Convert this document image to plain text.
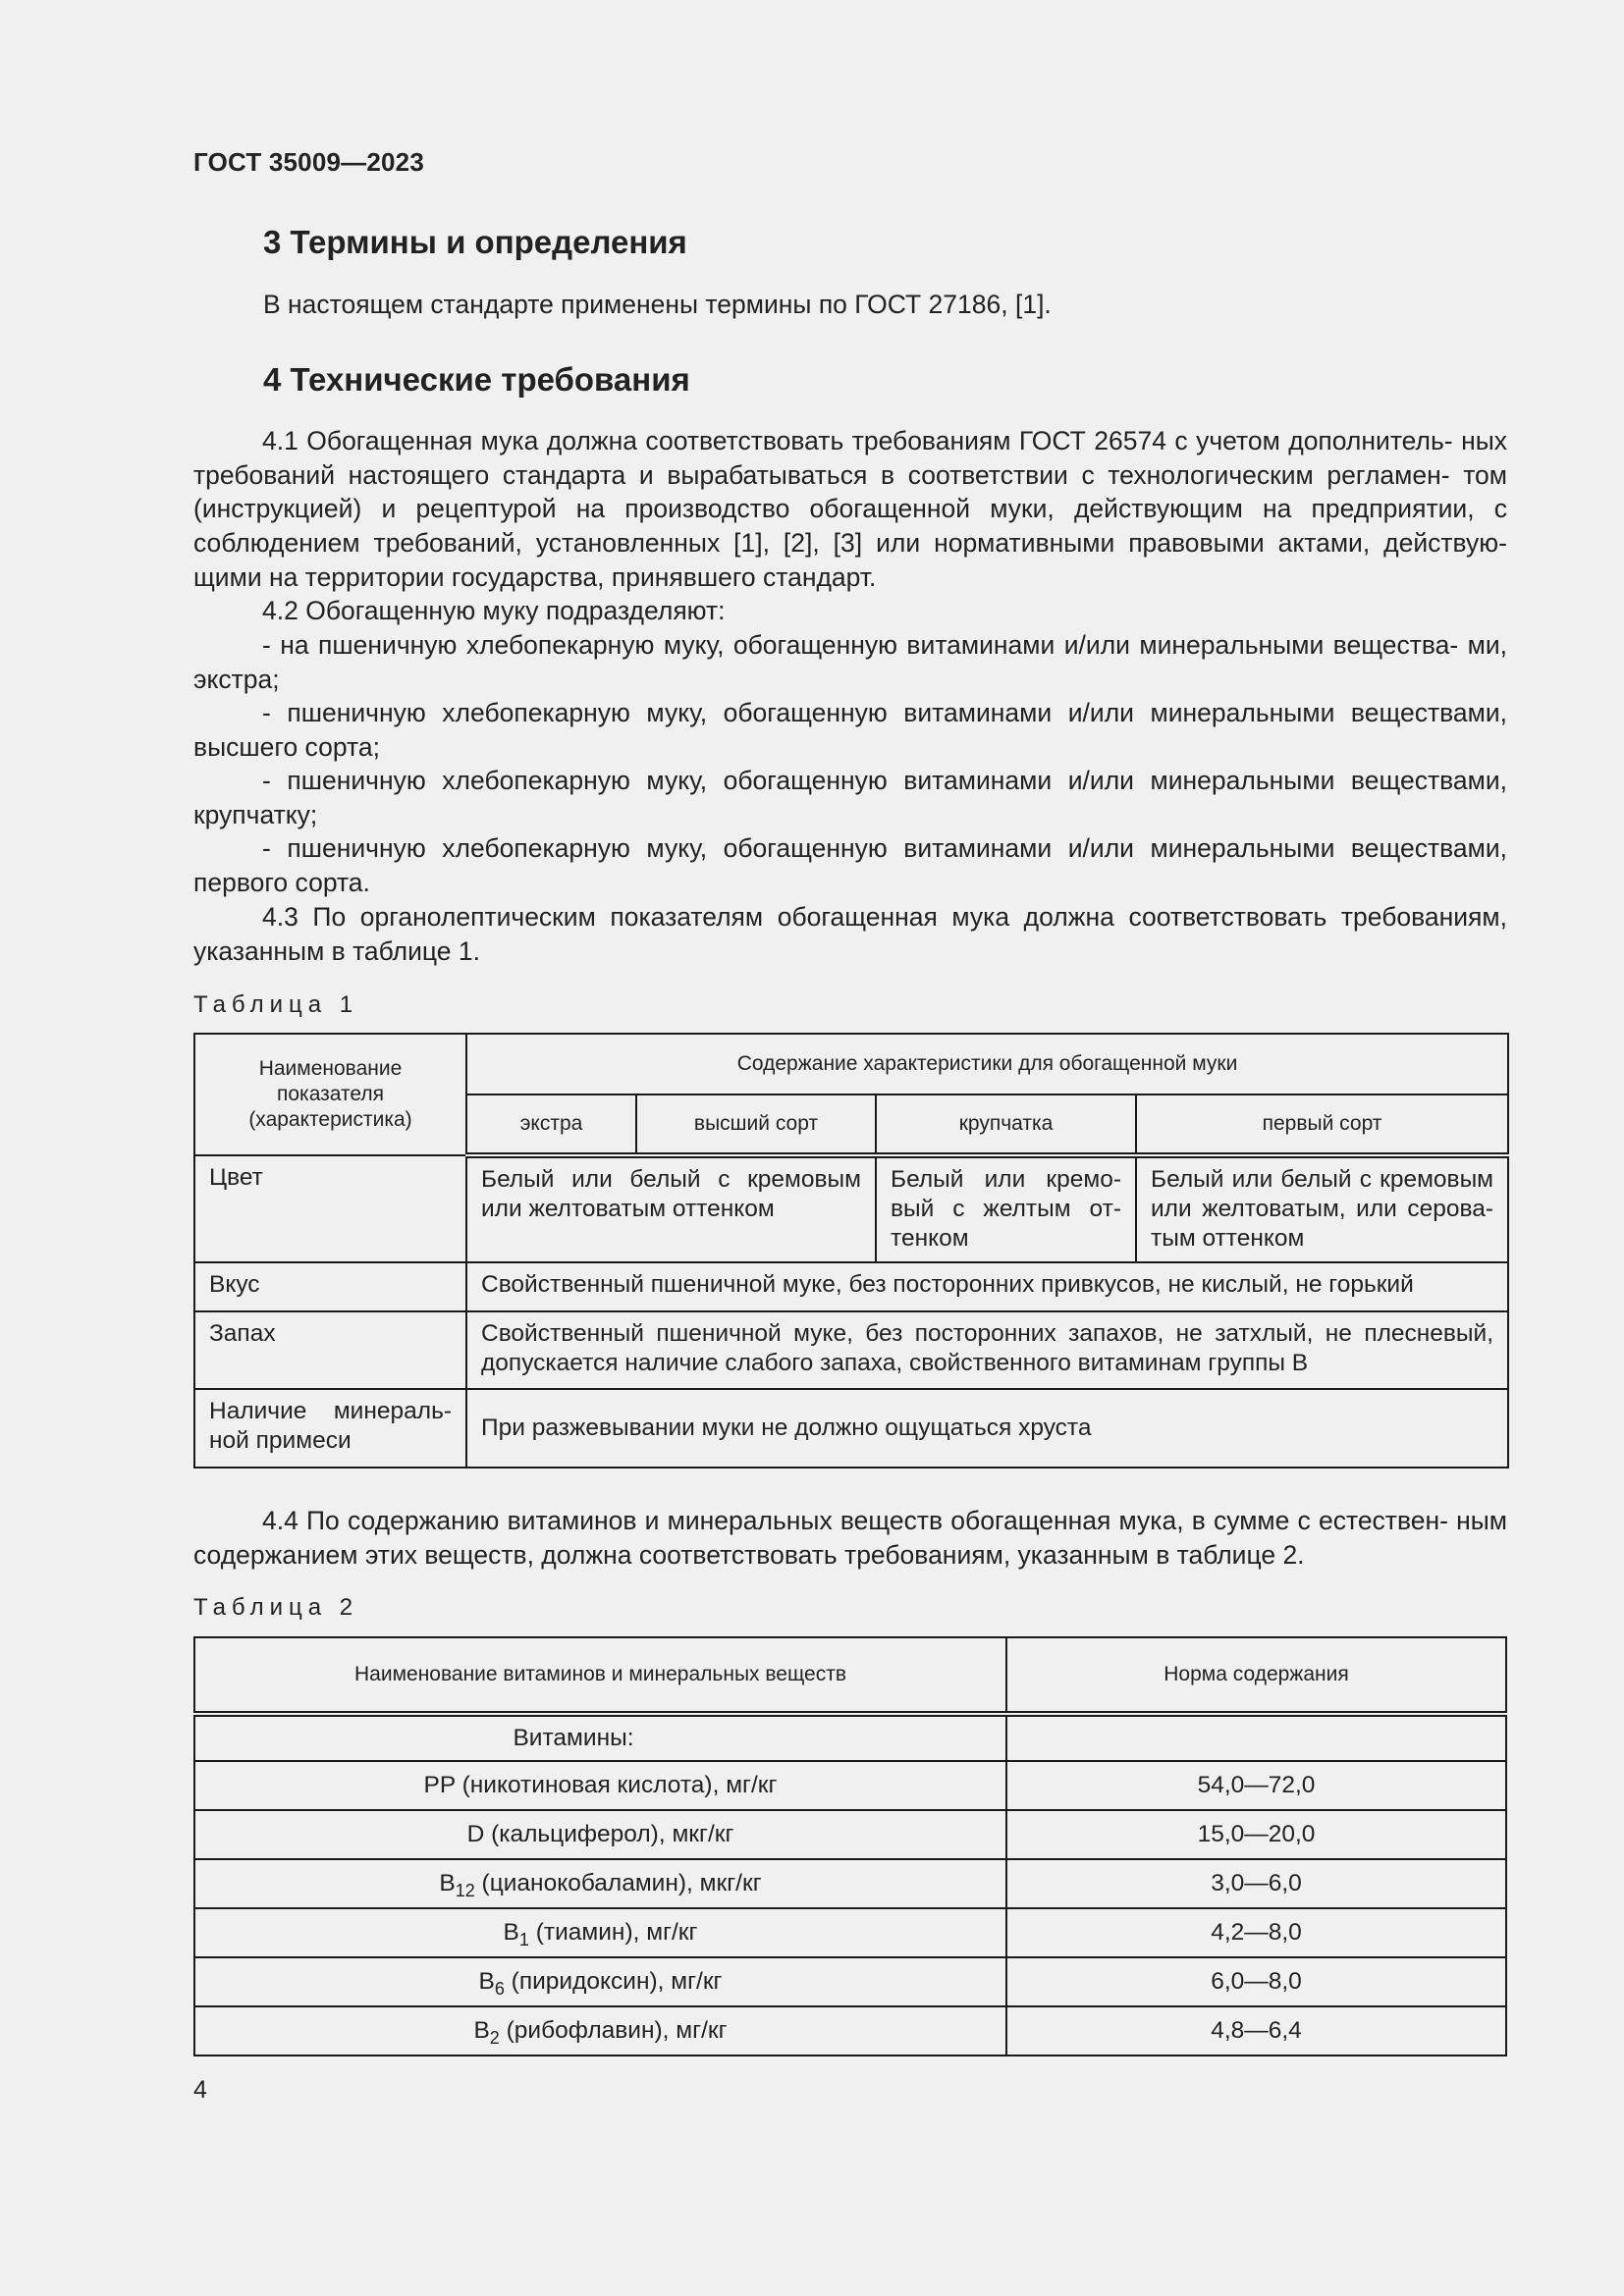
ГОСТ 35009—2023
3 Термины и определения
В настоящем стандарте применены термины по ГОСТ 27186, [1].
4 Технические требования
4.1 Обогащенная мука должна соответствовать требованиям ГОСТ 26574 с учетом дополнитель- ных требований настоящего стандарта и вырабатываться в соответствии с технологическим регламен- том (инструкцией) и рецептурой на производство обогащенной муки, действующим на предприятии, с соблюдением требований, установленных [1], [2], [3] или нормативными правовыми актами, действую- щими на территории государства, принявшего стандарт.
4.2 Обогащенную муку подразделяют:
- на пшеничную хлебопекарную муку, обогащенную витаминами и/или минеральными вещества- ми, экстра;
- пшеничную хлебопекарную муку, обогащенную витаминами и/или минеральными веществами, высшего сорта;
- пшеничную хлебопекарную муку, обогащенную витаминами и/или минеральными веществами, крупчатку;
- пшеничную хлебопекарную муку, обогащенную витаминами и/или минеральными веществами, первого сорта.
4.3 По органолептическим показателям обогащенная мука должна соответствовать требованиям, указанным в таблице 1.
Таблица 1
Наименование показателя (характеристика)	Содержание характеристики для обогащенной муки			
	экстра	высший сорт	крупчатка	первый сорт
Цвет	Белый или белый с кремовым или желтоватым оттенком		Белый или кремо- вый с желтым от- тенком	Белый или белый с кремовым или желтоватым, или серова- тым оттенком
Вкус	Свойственный пшеничной муке, без посторонних привкусов, не кислый, не горький			
Запах	Свойственный пшеничной муке, без посторонних запахов, не затхлый, не плесневый, допускается наличие слабого запаха, свойственного витаминам группы В			
Наличие минераль- ной примеси	При разжевывании муки не должно ощущаться хруста			
4.4 По содержанию витаминов и минеральных веществ обогащенная мука, в сумме с естествен- ным содержанием этих веществ, должна соответствовать требованиям, указанным в таблице 2.
Таблица 2
Наименование витаминов и минеральных веществ	Норма содержания
Витамины:	
PP (никотиновая кислота), мг/кг	54,0—72,0
D (кальциферол), мкг/кг	15,0—20,0
$B_{12}$ (цианокобаламин), мкг/кг	3,0—6,0
$B_1$ (тиамин), мг/кг	4,2—8,0
$B_6$ (пиридоксин), мг/кг	6,0—8,0
$B_2$ (рибофлавин), мг/кг	4,8—6,4
4
